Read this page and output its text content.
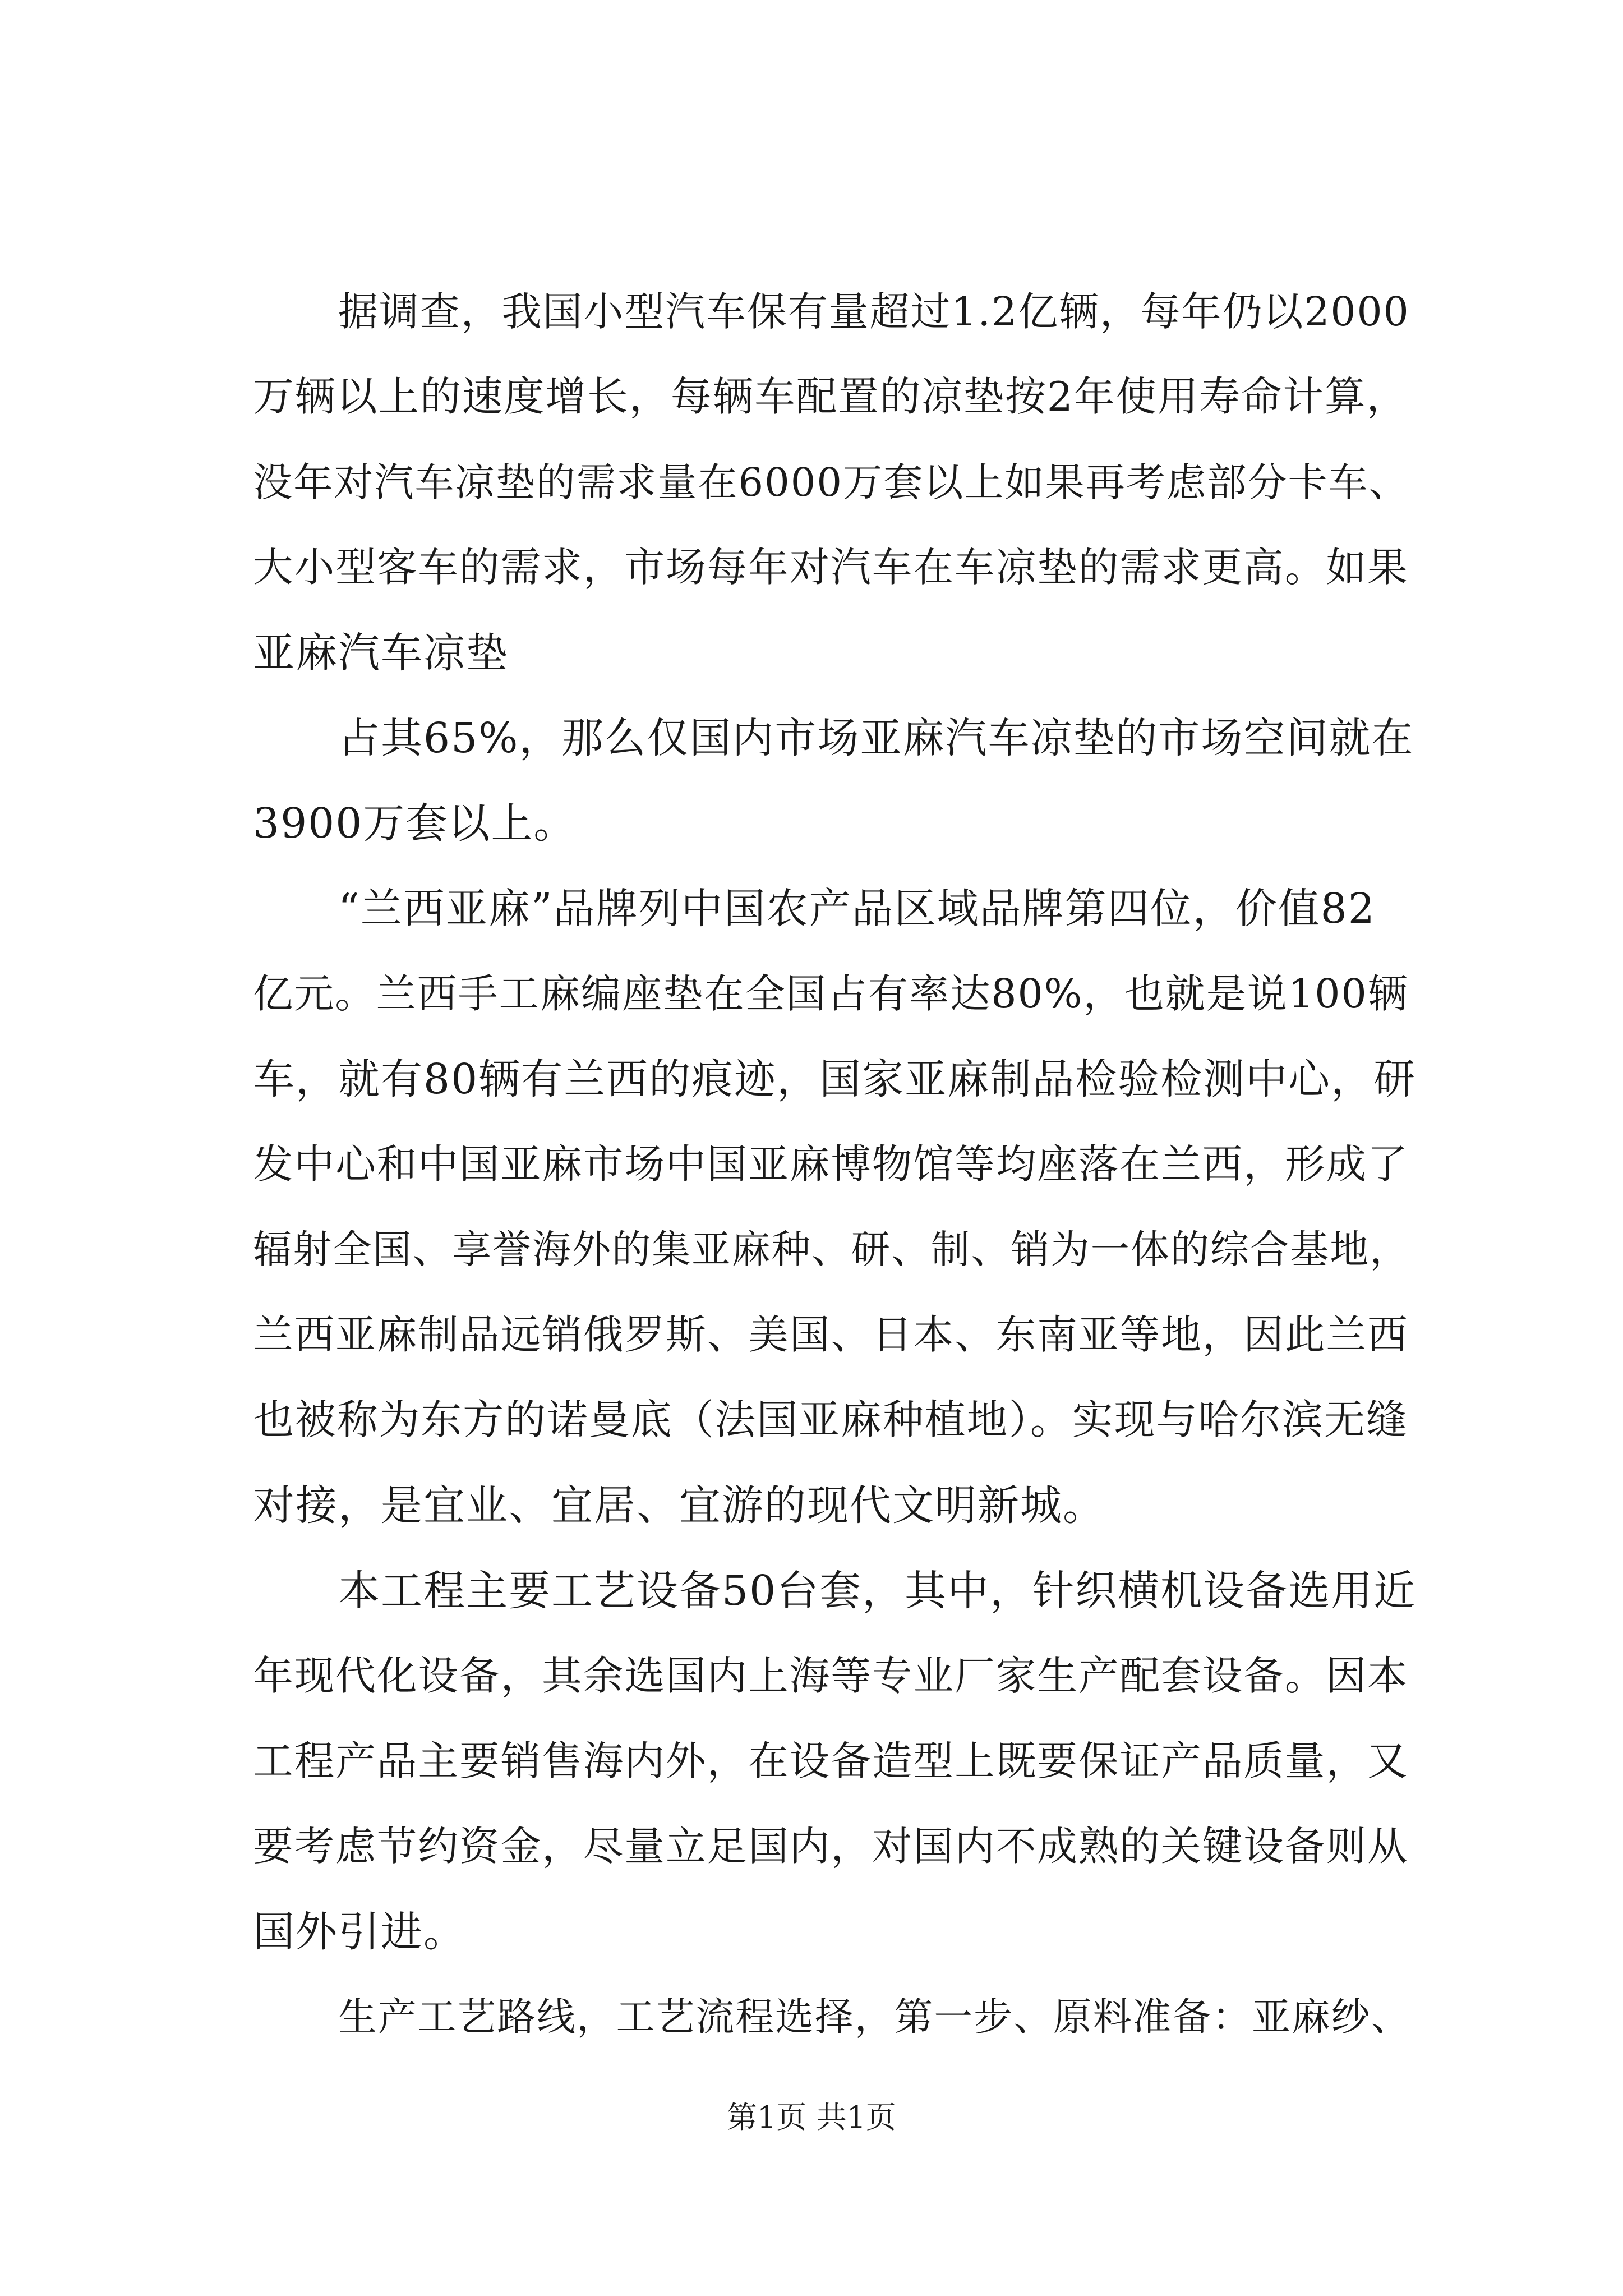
据调查，我国小型汽车保有量超过1.2亿辆，每年仍以2000
万辆以上的速度增长，每辆车配置的凉垫按2年使用寿命计算，
没年对汽车凉垫的需求量在6000万套以上如果再考虑部分卡车、
大小型客车的需求，市场每年对汽车在车凉垫的需求更高。如果
亚麻汽车凉垫
占其65%，那么仅国内市场亚麻汽车凉垫的市场空间就在
3900万套以上。
“兰西亚麻”品牌列中国农产品区域品牌第四位，价值82
亿元。兰西手工麻编座垫在全国占有率达80%，也就是说100辆
车，就有80辆有兰西的痕迹，国家亚麻制品检验检测中心，研
发中心和中国亚麻市场中国亚麻博物馆等均座落在兰西，形成了
辐射全国、享誉海外的集亚麻种、研、制、销为一体的综合基地，
兰西亚麻制品远销俄罗斯、美国、日本、东南亚等地，因此兰西
也被称为东方的诺曼底（法国亚麻种植地）。实现与哈尔滨无缝
对接，是宜业、宜居、宜游的现代文明新城。
本工程主要工艺设备50台套，其中，针织横机设备选用近
年现代化设备，其余选国内上海等专业厂家生产配套设备。因本
工程产品主要销售海内外，在设备造型上既要保证产品质量，又
要考虑节约资金，尽量立足国内，对国内不成熟的关键设备则从
国外引进。
生产工艺路线，工艺流程选择，第一步、原料准备：亚麻纱、
第1页 共1页
